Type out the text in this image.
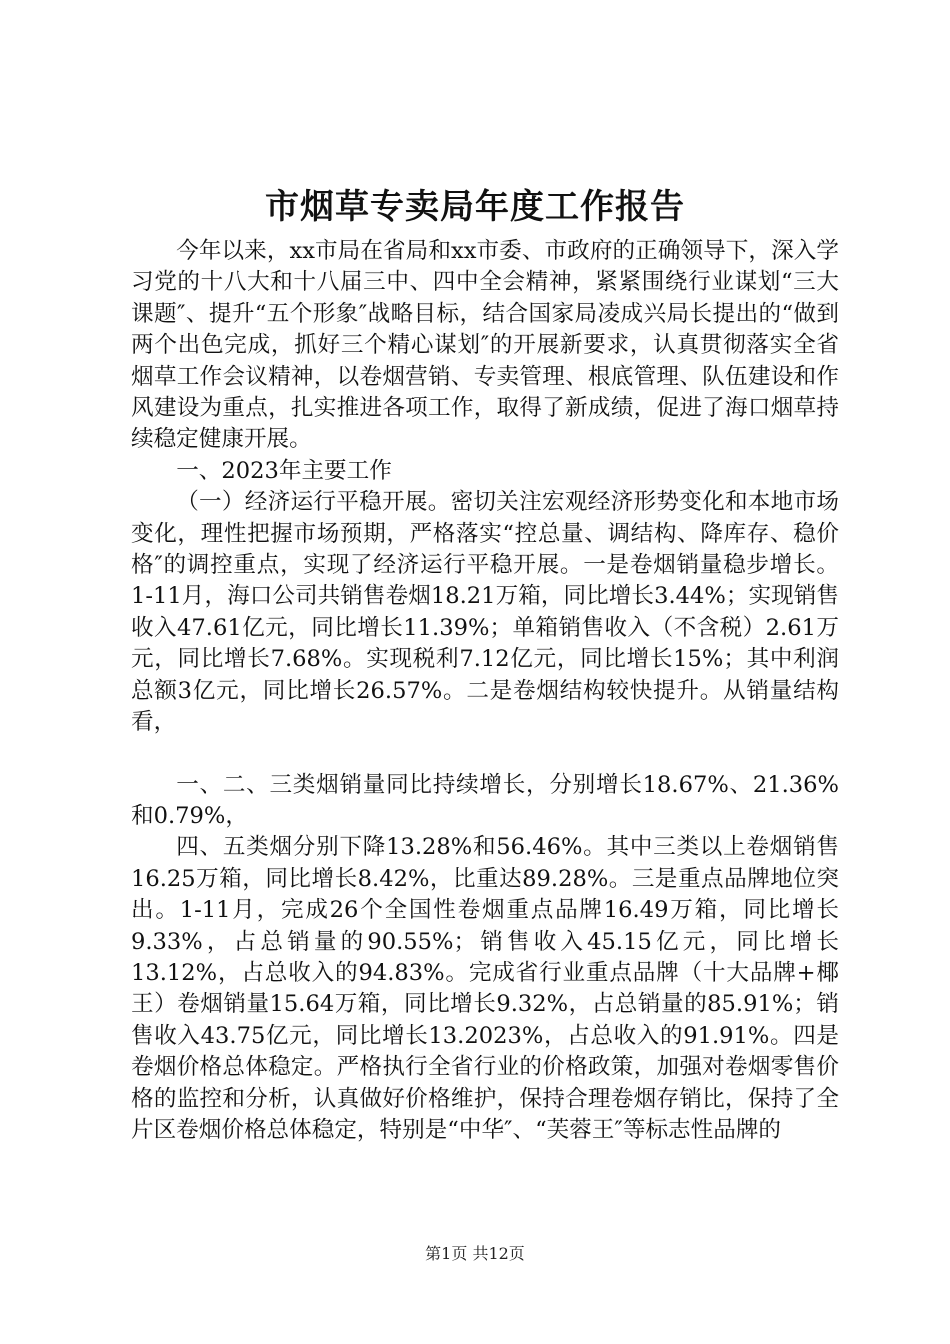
市烟草专卖局年度工作报告

今年以来，xx市局在省局和xx市委、市政府的正确领导下，深入学习党的十八大和十八届三中、四中全会精神，紧紧围绕行业谋划“三大课题″、提升“五个形象″战略目标，结合国家局凌成兴局长提出的“做到两个出色完成，抓好三个精心谋划″的开展新要求，认真贯彻落实全省烟草工作会议精神，以卷烟营销、专卖管理、根底管理、队伍建设和作风建设为重点，扎实推进各项工作，取得了新成绩，促进了海口烟草持续稳定健康开展。

一、2023年主要工作

（一）经济运行平稳开展。密切关注宏观经济形势变化和本地市场变化，理性把握市场预期，严格落实“控总量、调结构、降库存、稳价格″的调控重点，实现了经济运行平稳开展。一是卷烟销量稳步增长。1-11月，海口公司共销售卷烟18.21万箱，同比增长3.44%；实现销售收入47.61亿元，同比增长11.39%；单箱销售收入（不含税）2.61万元，同比增长7.68%。实现税利7.12亿元，同比增长15%；其中利润总额3亿元，同比增长26.57%。二是卷烟结构较快提升。从销量结构看，

一、二、三类烟销量同比持续增长，分别增长18.67%、21.36%和0.79%，

四、五类烟分别下降13.28%和56.46%。其中三类以上卷烟销售16.25万箱，同比增长8.42%，比重达89.28%。三是重点品牌地位突出。1-11月，完成26个全国性卷烟重点品牌16.49万箱，同比增长9.33%，占总销量的90.55%；销售收入45.15亿元，同比增长13.12%，占总收入的94.83%。完成省行业重点品牌（十大品牌+椰王）卷烟销量15.64万箱，同比增长9.32%，占总销量的85.91%；销售收入43.75亿元，同比增长13.2023%，占总收入的91.91%。四是卷烟价格总体稳定。严格执行全省行业的价格政策，加强对卷烟零售价格的监控和分析，认真做好价格维护，保持合理卷烟存销比，保持了全片区卷烟价格总体稳定，特别是“中华″、“芙蓉王″等标志性品牌的

第1页 共12页
